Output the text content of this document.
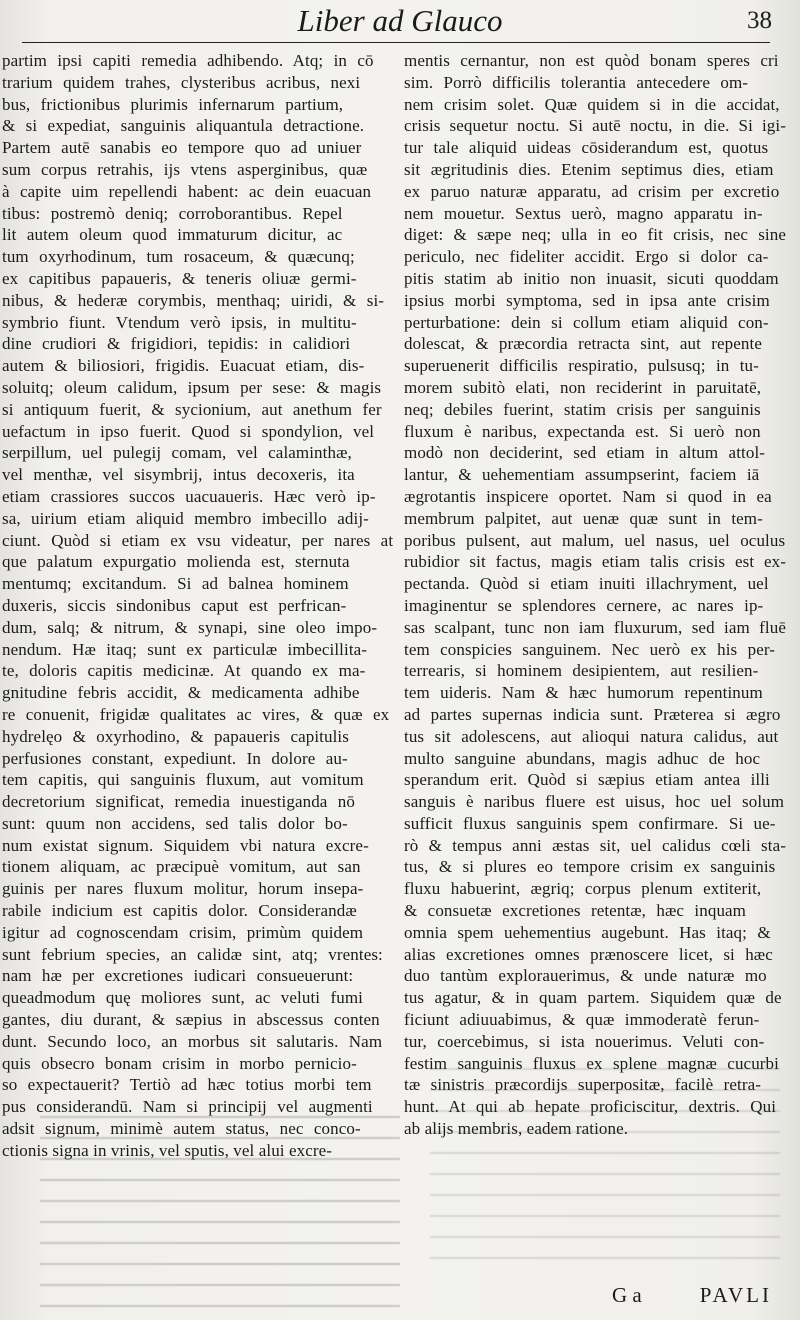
Liber ad Glauco	38
partim ipsi capiti remedia adhibendo. Atq; in cō
trarium quidem trahes, clysteribus acribus, nexi
bus, frictionibus plurimis infernarum partium,
& si expediat, sanguinis aliquantula detractione.
Partem autē sanabis eo tempore quo ad uniuer
sum corpus retrahis, ijs vtens asperginibus, quæ
à capite uim repellendi habent: ac dein euacuan
tibus: postremò deniq; corroborantibus. Repel
lit autem oleum quod immaturum dicitur, ac
tum oxyrhodinum, tum rosaceum, & quæcunq;
ex capitibus papaueris, & teneris oliuæ germi-
nibus, & hederæ corymbis, menthaq; uiridi, & si-
symbrio fiunt. Vtendum verò ipsis, in multitu-
dine crudiori & frigidiori, tepidis: in calidiori
autem & biliosiori, frigidis. Euacuat etiam, dis-
soluitq; oleum calidum, ipsum per sese: & magis
si antiquum fuerit, & sycionium, aut anethum fer
uefactum in ipso fuerit. Quod si spondylion, vel
serpillum, uel pulegij comam, vel calaminthæ,
vel menthæ, vel sisymbrij, intus decoxeris, ita
etiam crassiores succos uacuaueris. Hæc verò ip-
sa, uirium etiam aliquid membro imbecillo adij-
ciunt. Quòd si etiam ex vsu videatur, per nares at
que palatum expurgatio molienda est, sternuta
mentumq; excitandum. Si ad balnea hominem
duxeris, siccis sindonibus caput est perfrican-
dum, salq; & nitrum, & synapi, sine oleo impo-
nendum. Hæ itaq; sunt ex particulæ imbecillita-
te, doloris capitis medicinæ. At quando ex ma-
gnitudine febris accidit, & medicamenta adhibe
re conuenit, frigidæ qualitates ac vires, & quæ ex
hydrelęo & oxyrhodino, & papaueris capitulis
perfusiones constant, expediunt. In dolore au-
tem capitis, qui sanguinis fluxum, aut vomitum
decretorium significat, remedia inuestiganda nō
sunt: quum non accidens, sed talis dolor bo-
num existat signum. Siquidem vbi natura excre-
tionem aliquam, ac præcipuè vomitum, aut san
guinis per nares fluxum molitur, horum insepa-
rabile indicium est capitis dolor. Considerandæ
igitur ad cognoscendam crisim, primùm quidem
sunt febrium species, an calidæ sint, atq; vrentes:
nam hæ per excretiones iudicari consueuerunt:
queadmodum quę moliores sunt, ac veluti fumi
gantes, diu durant, & sæpius in abscessus conten
dunt. Secundo loco, an morbus sit salutaris. Nam
quis obsecro bonam crisim in morbo pernicio-
so expectauerit? Tertiò ad hæc totius morbi tem
pus considerandū. Nam si principij vel augmenti
adsit signum, minimè autem status, nec conco-
ctionis signa in vrinis, vel sputis, vel alui excre-
mentis cernantur, non est quòd bonam speres cri
sim. Porrò difficilis tolerantia antecedere om-
nem crisim solet. Quæ quidem si in die accidat,
crisis sequetur noctu. Si autē noctu, in die. Si igi-
tur tale aliquid uideas cōsiderandum est, quotus
sit ægritudinis dies. Etenim septimus dies, etiam
ex paruo naturæ apparatu, ad crisim per excretio
nem mouetur. Sextus uerò, magno apparatu in-
diget: & sæpe neq; ulla in eo fit crisis, nec sine
periculo, nec fideliter accidit. Ergo si dolor ca-
pitis statim ab initio non inuasit, sicuti quoddam
ipsius morbi symptoma, sed in ipsa ante crisim
perturbatione: dein si collum etiam aliquid con-
dolescat, & præcordia retracta sint, aut repente
superuenerit difficilis respiratio, pulsusq; in tu-
morem subitò elati, non reciderint in paruitatē,
neq; debiles fuerint, statim crisis per sanguinis
fluxum è naribus, expectanda est. Si uerò non
modò non deciderint, sed etiam in altum attol-
lantur, & uehementiam assumpserint, faciem iā
ægrotantis inspicere oportet. Nam si quod in ea
membrum palpitet, aut uenæ quæ sunt in tem-
poribus pulsent, aut malum, uel nasus, uel oculus
rubidior sit factus, magis etiam talis crisis est ex-
pectanda. Quòd si etiam inuiti illachryment, uel
imaginentur se splendores cernere, ac nares ip-
sas scalpant, tunc non iam fluxurum, sed iam fluē
tem conspicies sanguinem. Nec uerò ex his per-
terrearis, si hominem desipientem, aut resilien-
tem uideris. Nam & hæc humorum repentinum
ad partes supernas indicia sunt. Præterea si ægro
tus sit adolescens, aut alioqui natura calidus, aut
multo sanguine abundans, magis adhuc de hoc
sperandum erit. Quòd si sæpius etiam antea illi
sanguis è naribus fluere est uisus, hoc uel solum
sufficit fluxus sanguinis spem confirmare. Si ue-
rò & tempus anni æstas sit, uel calidus cœli sta-
tus, & si plures eo tempore crisim ex sanguinis
fluxu habuerint, ægriq; corpus plenum extiterit,
& consuetæ excretiones retentæ, hæc inquam
omnia spem uehementius augebunt. Has itaq; &
alias excretiones omnes prænoscere licet, si hæc
duo tantùm explorauerimus, & unde naturæ mo
tus agatur, & in quam partem. Siquidem quæ de
ficiunt adiuuabimus, & quæ immoderatè ferun-
tur, coercebimus, si ista nouerimus. Veluti con-
festim sanguinis fluxus ex splene magnæ cucurbi
tæ sinistris præcordijs superpositæ, facilè retra-
hunt. At qui ab hepate proficiscitur, dextris. Qui
ab alijs membris, eadem ratione.
G a	PAVLI
